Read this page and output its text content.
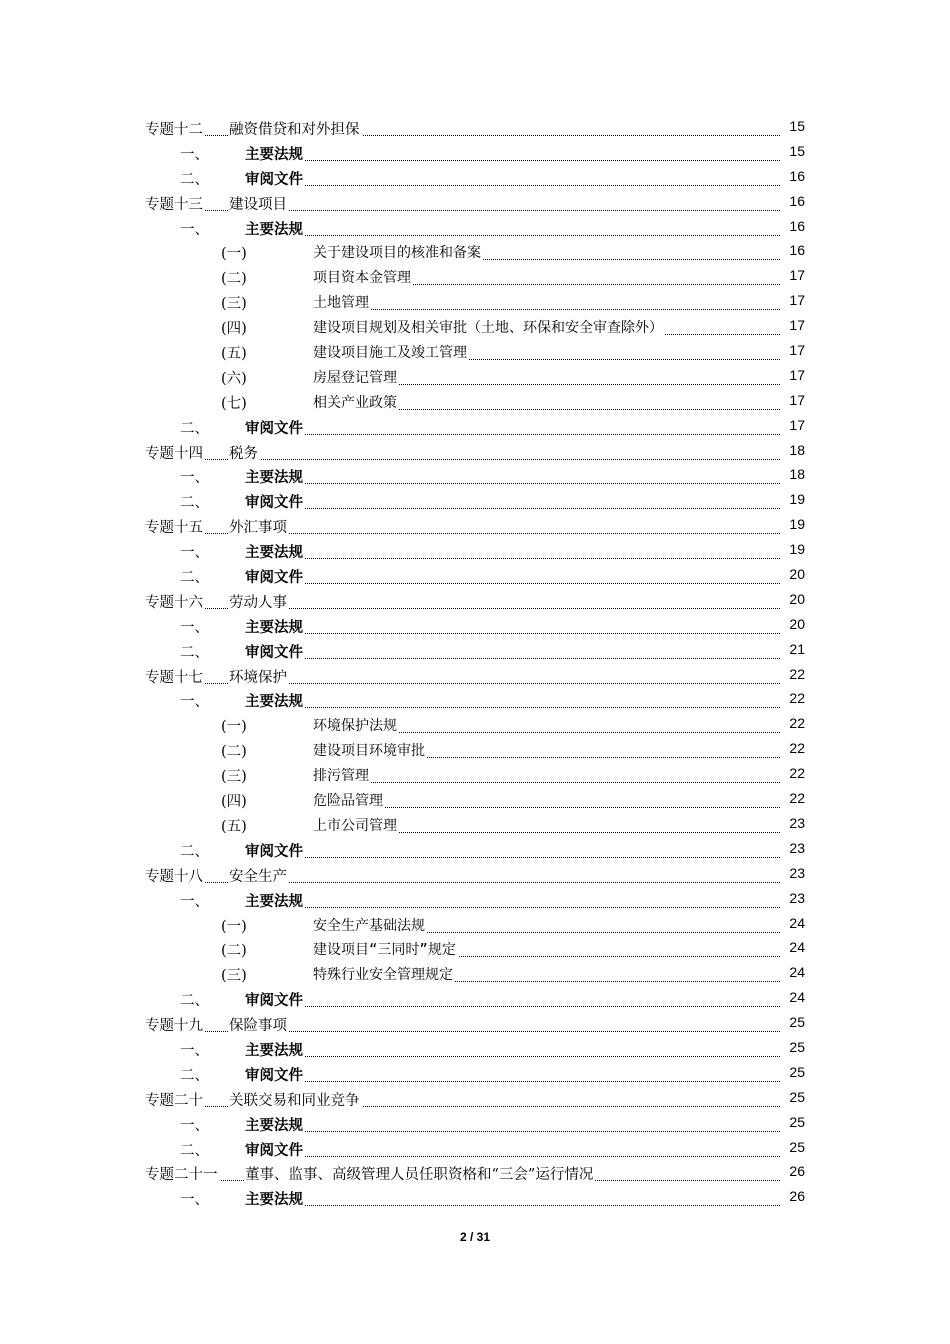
专题十二 融资借贷和对外担保	15
一、 主要法规	15
二、 审阅文件	16
专题十三 建设项目	16
一、 主要法规	16
(一)	关于建设项目的核准和备案	16
(二)	项目资本金管理	17
(三)	土地管理	17
(四)	建设项目规划及相关审批（土地、环保和安全审查除外）	17
(五)	建设项目施工及竣工管理	17
(六)	房屋登记管理	17
(七)	相关产业政策	17
二、 审阅文件	17
专题十四 税务	18
一、 主要法规	18
二、 审阅文件	19
专题十五 外汇事项	19
一、 主要法规	19
二、 审阅文件	20
专题十六 劳动人事	20
一、 主要法规	20
二、 审阅文件	21
专题十七 环境保护	22
一、 主要法规	22
(一)	环境保护法规	22
(二)	建设项目环境审批	22
(三)	排污管理	22
(四)	危险品管理	22
(五)	上市公司管理	23
二、 审阅文件	23
专题十八 安全生产	23
一、 主要法规	23
(一)	安全生产基础法规	24
(二)	建设项目“三同时”规定	24
(三)	特殊行业安全管理规定	24
二、 审阅文件	24
专题十九 保险事项	25
一、 主要法规	25
二、 审阅文件	25
专题二十 关联交易和同业竞争	25
一、 主要法规	25
二、 审阅文件	25
专题二十一 董事、监事、高级管理人员任职资格和“三会”运行情况	26
一、 主要法规	26
2 / 31
